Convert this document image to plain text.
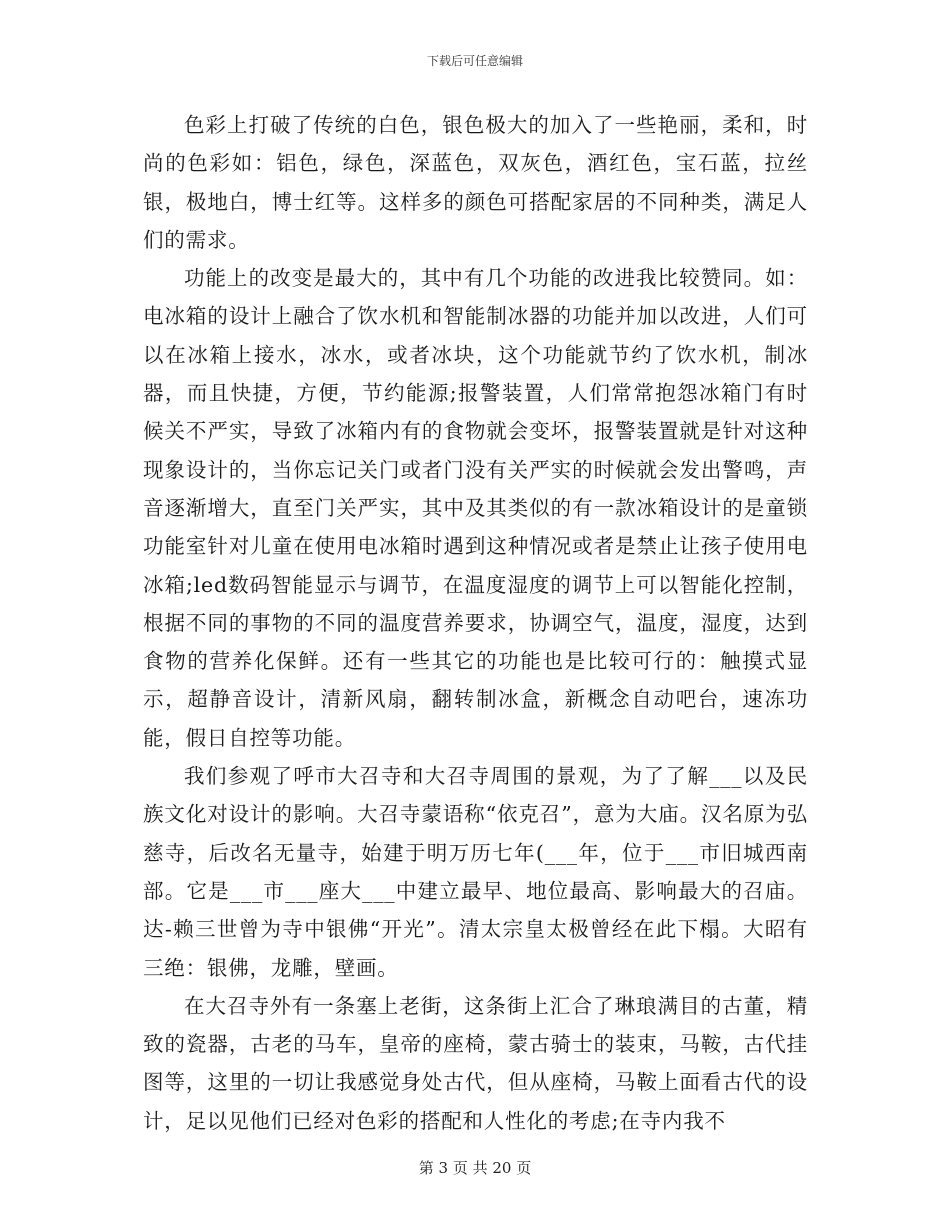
下载后可任意编辑

色彩上打破了传统的白色，银色极大的加入了一些艳丽，柔和，时尚的色彩如：铝色，绿色，深蓝色，双灰色，酒红色，宝石蓝，拉丝银，极地白，博士红等。这样多的颜色可搭配家居的不同种类，满足人们的需求。

功能上的改变是最大的，其中有几个功能的改进我比较赞同。如：电冰箱的设计上融合了饮水机和智能制冰器的功能并加以改进，人们可以在冰箱上接水，冰水，或者冰块，这个功能就节约了饮水机，制冰器，而且快捷，方便，节约能源;报警装置，人们常常抱怨冰箱门有时候关不严实，导致了冰箱内有的食物就会变坏，报警装置就是针对这种现象设计的，当你忘记关门或者门没有关严实的时候就会发出警鸣，声音逐渐增大，直至门关严实，其中及其类似的有一款冰箱设计的是童锁功能室针对儿童在使用电冰箱时遇到这种情况或者是禁止让孩子使用电冰箱;led数码智能显示与调节，在温度湿度的调节上可以智能化控制，根据不同的事物的不同的温度营养要求，协调空气，温度，湿度，达到食物的营养化保鲜。还有一些其它的功能也是比较可行的：触摸式显示，超静音设计，清新风扇，翻转制冰盒，新概念自动吧台，速冻功能，假日自控等功能。

我们参观了呼市大召寺和大召寺周围的景观，为了了解___以及民族文化对设计的影响。大召寺蒙语称“依克召”，意为大庙。汉名原为弘慈寺，后改名无量寺，始建于明万历七年(___年，位于___市旧城西南部。它是___市___座大___中建立最早、地位最高、影响最大的召庙。达-赖三世曾为寺中银佛“开光”。清太宗皇太极曾经在此下榻。大昭有三绝：银佛，龙雕，壁画。

在大召寺外有一条塞上老街，这条街上汇合了琳琅满目的古董，精致的瓷器，古老的马车，皇帝的座椅，蒙古骑士的装束，马鞍，古代挂图等，这里的一切让我感觉身处古代，但从座椅，马鞍上面看古代的设计，足以见他们已经对色彩的搭配和人性化的考虑;在寺内我不

第 3 页 共 20 页
